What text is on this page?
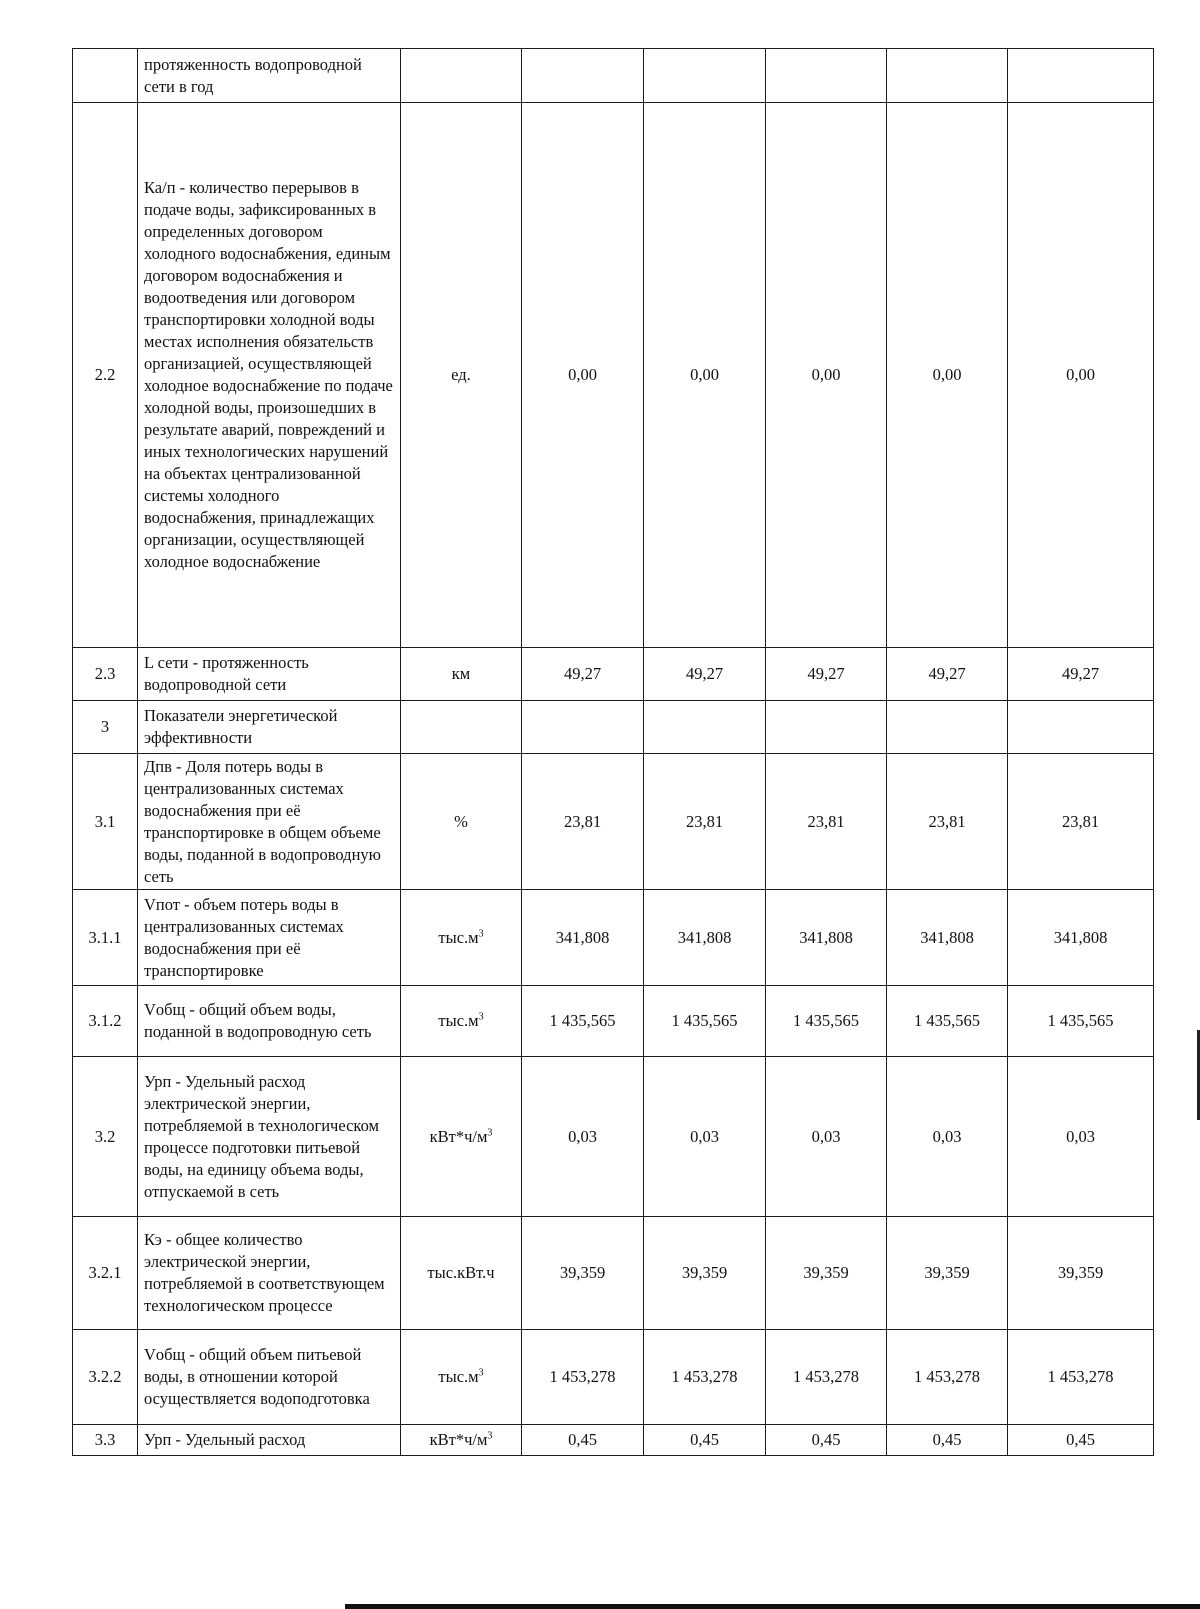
	протяженность водопроводной сети в год						
2.2	Ка/п - количество перерывов в подаче воды, зафиксированных в определенных договором холодного водоснабжения, единым договором водоснабжения и водоотведения или договором транспортировки холодной воды местах исполнения обязательств организацией, осуществляющей холодное водоснабжение по подаче холодной воды, произошедших в результате аварий, повреждений и иных технологических нарушений на объектах централизованной системы холодного водоснабжения, принадлежащих организации, осуществляющей холодное водоснабжение	ед.	0,00	0,00	0,00	0,00	0,00
2.3	L сети - протяженность водопроводной сети	км	49,27	49,27	49,27	49,27	49,27
3	Показатели энергетической эффективности						
3.1	Дпв - Доля потерь воды в централизованных системах водоснабжения при её транспортировке в общем объеме воды, поданной в водопроводную сеть	%	23,81	23,81	23,81	23,81	23,81
3.1.1	Vпот - объем потерь воды в централизованных системах водоснабжения при её транспортировке	$тыс.м^3$	341,808	341,808	341,808	341,808	341,808
3.1.2	Vобщ - общий объем воды, поданной в водопроводную сеть	$тыс.м^3$	1 435,565	1 435,565	1 435,565	1 435,565	1 435,565
3.2	Урп - Удельный расход электрической энергии, потребляемой в технологическом процессе подготовки питьевой воды, на единицу объема воды, отпускаемой в сеть	$кВт*ч/м^3$	0,03	0,03	0,03	0,03	0,03
3.2.1	Кэ - общее количество электрической энергии, потребляемой в соответствующем технологическом процессе	тыс.кВт.ч	39,359	39,359	39,359	39,359	39,359
3.2.2	Vобщ - общий объем питьевой воды, в отношении которой осуществляется водоподготовка	$тыс.м^3$	1 453,278	1 453,278	1 453,278	1 453,278	1 453,278
3.3	Урп - Удельный расход	$кВт*ч/м^3$	0,45	0,45	0,45	0,45	0,45
